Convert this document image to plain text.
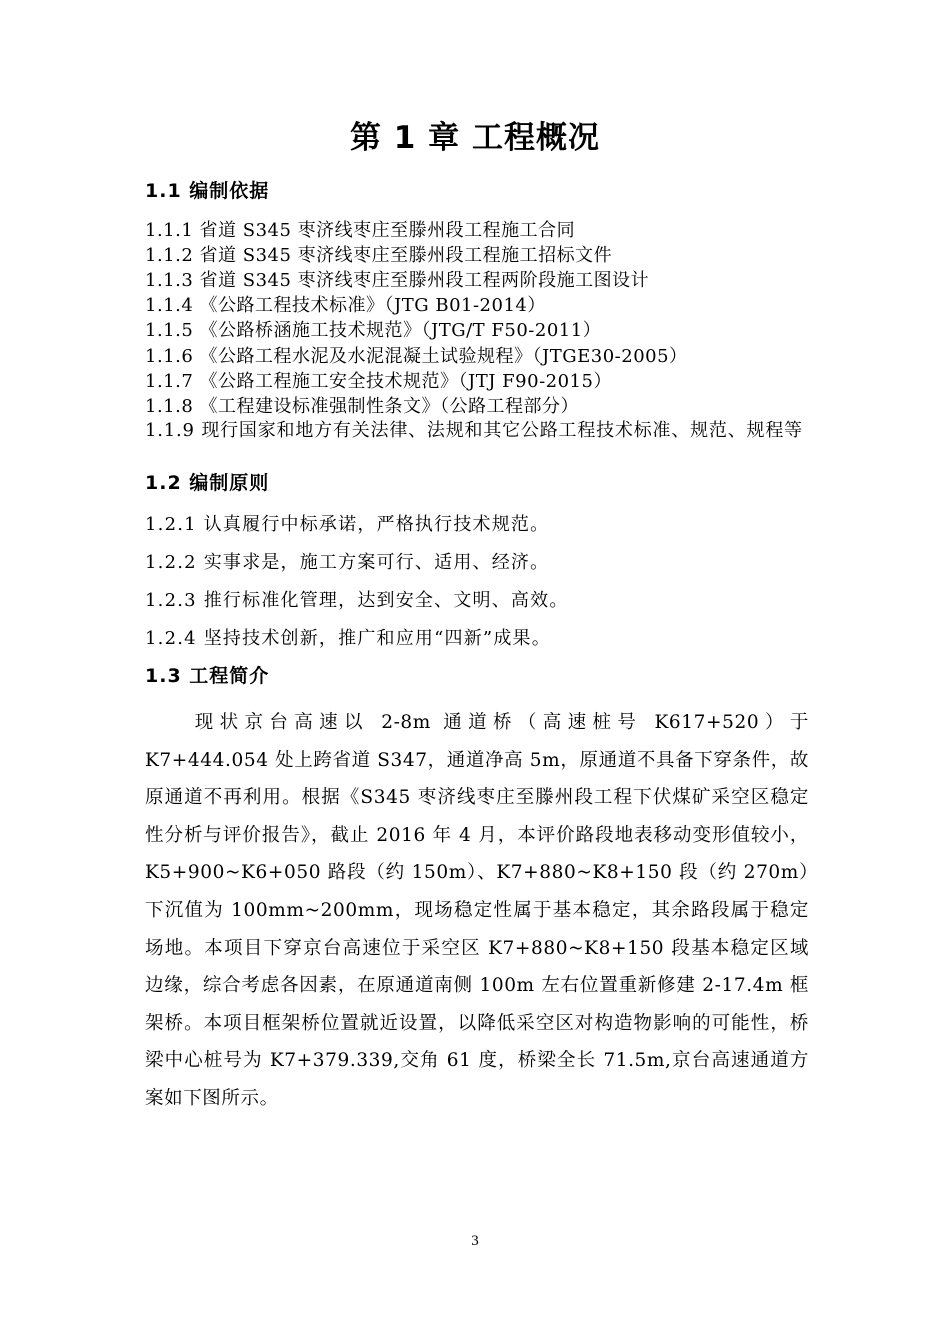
第 1 章 工程概况
1.1 编制依据
1.1.1 省道 S345 枣济线枣庄至滕州段工程施工合同
1.1.2 省道 S345 枣济线枣庄至滕州段工程施工招标文件
1.1.3 省道 S345 枣济线枣庄至滕州段工程两阶段施工图设计
1.1.4 《公路工程技术标准》（JTG B01-2014）
1.1.5 《公路桥涵施工技术规范》（JTG/T F50-2011）
1.1.6 《公路工程水泥及水泥混凝土试验规程》（JTGE30-2005）
1.1.7 《公路工程施工安全技术规范》（JTJ F90-2015）
1.1.8 《工程建设标准强制性条文》（公路工程部分）
1.1.9 现行国家和地方有关法律、法规和其它公路工程技术标准、规范、规程等
1.2 编制原则
1.2.1 认真履行中标承诺，严格执行技术规范。
1.2.2 实事求是，施工方案可行、适用、经济。
1.2.3 推行标准化管理，达到安全、文明、高效。
1.2.4 坚持技术创新，推广和应用“四新”成果。
1.3 工程简介
现状京台高速以 2-8m 通道桥（高速桩号 K617+520）于 K7+444.054 处上跨省道 S347，通道净高 5m，原通道不具备下穿条件，故原通道不再利用。根据《S345 枣济线枣庄至滕州段工程下伏煤矿采空区稳定性分析与评价报告》，截止 2016 年 4 月，本评价路段地表移动变形值较小，K5+900~K6+050 路段（约 150m）、K7+880~K8+150 段（约 270m）下沉值为 100mm~200mm，现场稳定性属于基本稳定，其余路段属于稳定场地。本项目下穿京台高速位于采空区 K7+880~K8+150 段基本稳定区域边缘，综合考虑各因素，在原通道南侧 100m 左右位置重新修建 2-17.4m 框架桥。本项目框架桥位置就近设置，以降低采空区对构造物影响的可能性，桥梁中心桩号为 K7+379.339,交角 61 度，桥梁全长 71.5m,京台高速通道方案如下图所示。
3
